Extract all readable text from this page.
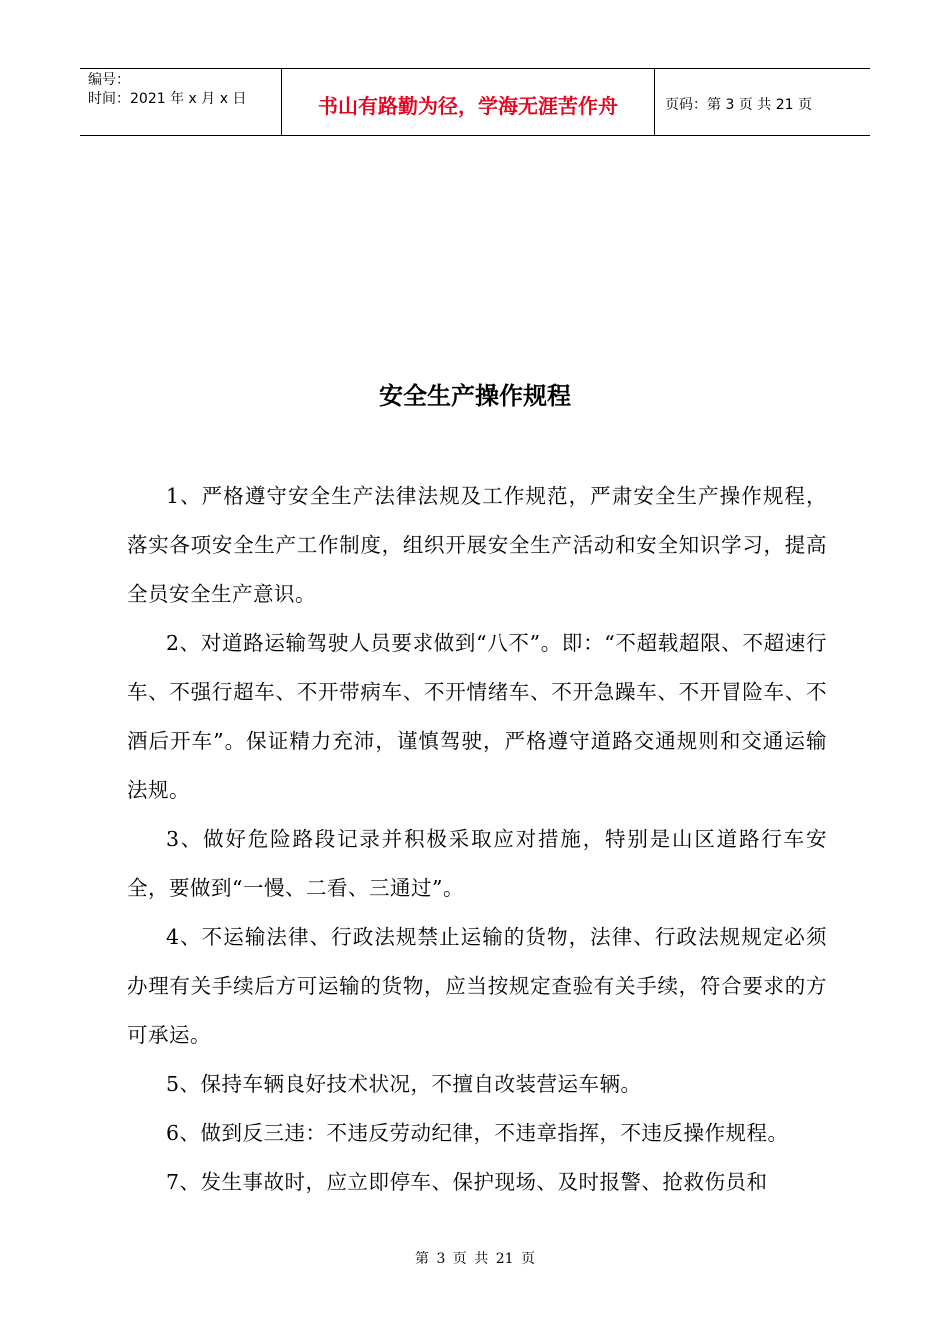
编号：
时间：2021 年 x 月 x 日	书山有路勤为径，学海无涯苦作舟	页码：第 3 页 共 21 页
安全生产操作规程

1、严格遵守安全生产法律法规及工作规范，严肃安全生产操作规程，落实各项安全生产工作制度，组织开展安全生产活动和安全知识学习，提高全员安全生产意识。

2、对道路运输驾驶人员要求做到“八不”。即：“不超载超限、不超速行车、不强行超车、不开带病车、不开情绪车、不开急躁车、不开冒险车、不酒后开车”。保证精力充沛，谨慎驾驶，严格遵守道路交通规则和交通运输法规。

3、做好危险路段记录并积极采取应对措施，特别是山区道路行车安全，要做到“一慢、二看、三通过”。

4、不运输法律、行政法规禁止运输的货物，法律、行政法规规定必须办理有关手续后方可运输的货物，应当按规定查验有关手续，符合要求的方可承运。

5、保持车辆良好技术状况，不擅自改装营运车辆。

6、做到反三违：不违反劳动纪律，不违章指挥，不违反操作规程。

7、发生事故时，应立即停车、保护现场、及时报警、抢救伤员和

第 3 页 共 21 页
